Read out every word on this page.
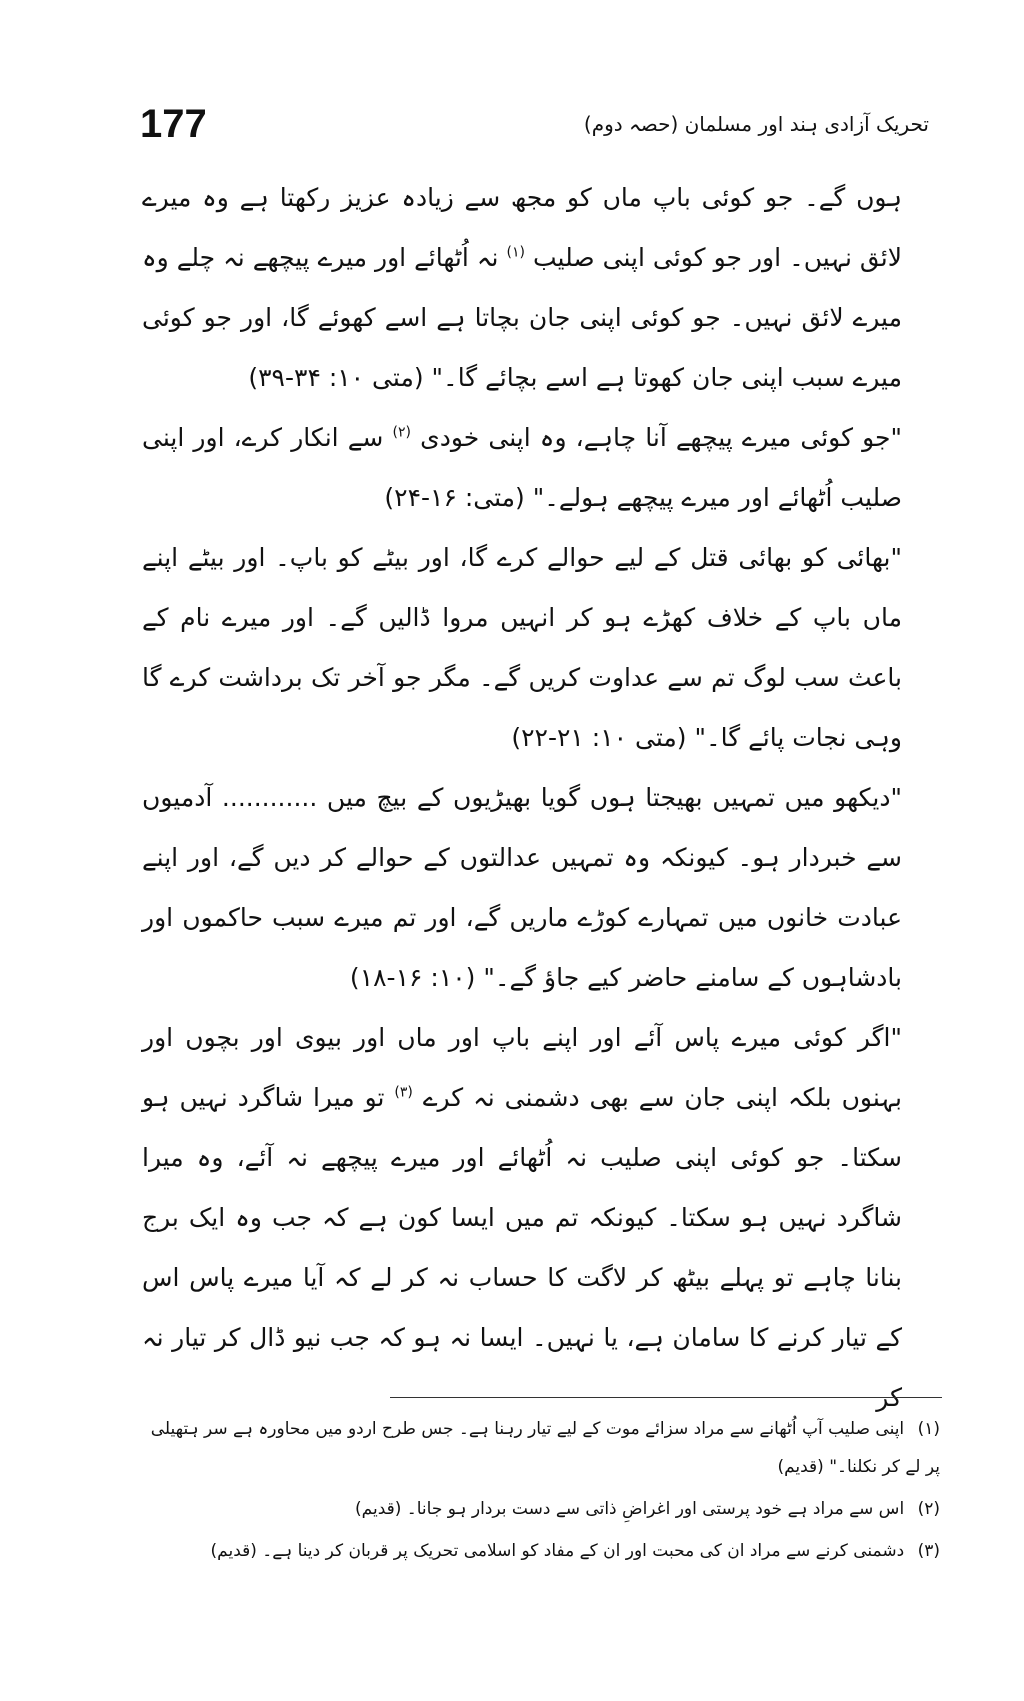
177	تحریک آزادی ہند اور مسلمان (حصہ دوم)

ہوں گے۔ جو کوئی باپ ماں کو مجھ سے زیادہ عزیز رکھتا ہے وہ میرے لائق نہیں۔ اور جو کوئی اپنی صلیب $^{(۱)}$ نہ اُٹھائے اور میرے پیچھے نہ چلے وہ میرے لائق نہیں۔ جو کوئی اپنی جان بچاتا ہے اسے کھوئے گا، اور جو کوئی میرے سبب اپنی جان کھوتا ہے اسے بچائے گا۔" (متی ۱۰: ۳۴-۳۹)

"جو کوئی میرے پیچھے آنا چاہے، وہ اپنی خودی $^{(۲)}$ سے انکار کرے، اور اپنی صلیب اُٹھائے اور میرے پیچھے ہولے۔" (متی: ۱۶-۲۴)

"بھائی کو بھائی قتل کے لیے حوالے کرے گا، اور بیٹے کو باپ۔ اور بیٹے اپنے ماں باپ کے خلاف کھڑے ہو کر انہیں مروا ڈالیں گے۔ اور میرے نام کے باعث سب لوگ تم سے عداوت کریں گے۔ مگر جو آخر تک برداشت کرے گا وہی نجات پائے گا۔" (متی ۱۰: ۲۱-۲۲)

"دیکھو میں تمہیں بھیجتا ہوں گویا بھیڑیوں کے بیچ میں ............ آدمیوں سے خبردار ہو۔ کیونکہ وہ تمہیں عدالتوں کے حوالے کر دیں گے، اور اپنے عبادت خانوں میں تمہارے کوڑے ماریں گے، اور تم میرے سبب حاکموں اور بادشاہوں کے سامنے حاضر کیے جاؤ گے۔" (۱۰: ۱۶-۱۸)

"اگر کوئی میرے پاس آئے اور اپنے باپ اور ماں اور بیوی اور بچوں اور بہنوں بلکہ اپنی جان سے بھی دشمنی نہ کرے $^{(۳)}$ تو میرا شاگرد نہیں ہو سکتا۔ جو کوئی اپنی صلیب نہ اُٹھائے اور میرے پیچھے نہ آئے، وہ میرا شاگرد نہیں ہو سکتا۔ کیونکہ تم میں ایسا کون ہے کہ جب وہ ایک برج بنانا چاہے تو پہلے بیٹھ کر لاگت کا حساب نہ کر لے کہ آیا میرے پاس اس کے تیار کرنے کا سامان ہے، یا نہیں۔ ایسا نہ ہو کہ جب نیو ڈال کر تیار نہ کر

(۱) اپنی صلیب آپ اُٹھانے سے مراد سزائے موت کے لیے تیار رہنا ہے۔ جس طرح اردو میں محاورہ ہے سر ہتھیلی پر لے کر نکلنا۔" (قدیم)

(۲) اس سے مراد ہے خود پرستی اور اغراضِ ذاتی سے دست بردار ہو جانا۔ (قدیم)

(۳) دشمنی کرنے سے مراد ان کی محبت اور ان کے مفاد کو اسلامی تحریک پر قربان کر دینا ہے۔ (قدیم)
